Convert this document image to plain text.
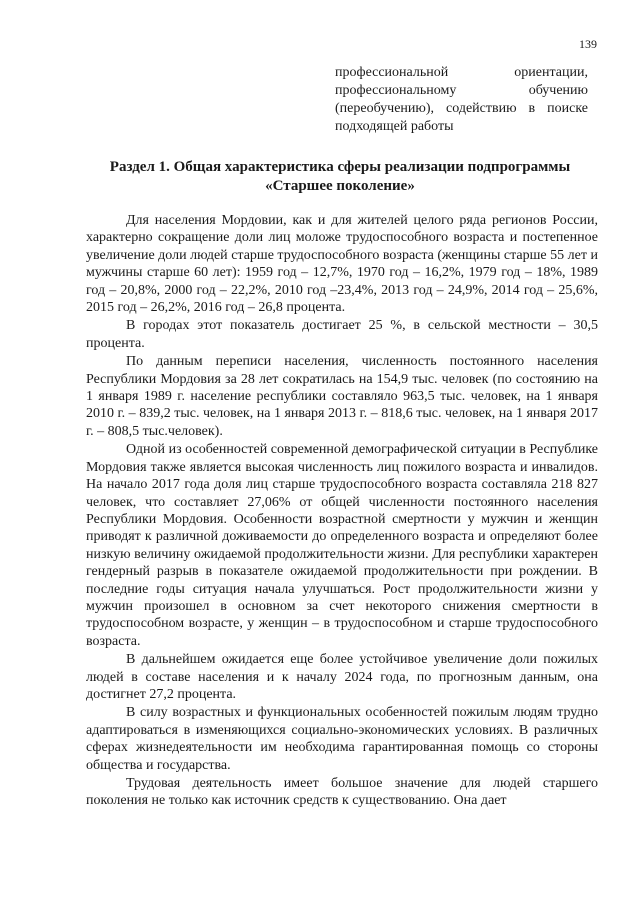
139
профессиональной ориентации, профессиональному обучению (переобучению), содействию в поиске подходящей работы
Раздел 1. Общая характеристика сферы реализации подпрограммы «Старшее поколение»

Для населения Мордовии, как и для жителей целого ряда регионов России, характерно сокращение доли лиц моложе трудоспособного возраста и постепенное увеличение доли людей старше трудоспособного возраста (женщины старше 55 лет и мужчины старше 60 лет): 1959 год – 12,7%, 1970 год – 16,2%, 1979 год – 18%, 1989 год – 20,8%, 2000 год – 22,2%, 2010 год –23,4%, 2013 год – 24,9%, 2014 год – 25,6%, 2015 год – 26,2%, 2016 год – 26,8 процента.

В городах этот показатель достигает 25 %, в сельской местности – 30,5 процента.

По данным переписи населения, численность постоянного населения Республики Мордовия за 28 лет сократилась на 154,9 тыс. человек (по состоянию на 1 января 1989 г. население республики составляло 963,5 тыс. человек, на 1 января 2010 г. – 839,2 тыс. человек, на 1 января 2013 г. – 818,6 тыс. человек, на 1 января 2017 г. – 808,5 тыс.человек).

Одной из особенностей современной демографической ситуации в Республике Мордовия также является высокая численность лиц пожилого возраста и инвалидов. На начало 2017 года доля лиц старше трудоспособного возраста составляла 218 827 человек, что составляет 27,06% от общей численности постоянного населения Республики Мордовия. Особенности возрастной смертности у мужчин и женщин приводят к различной доживаемости до определенного возраста и определяют более низкую величину ожидаемой продолжительности жизни. Для республики характерен гендерный разрыв в показателе ожидаемой продолжительности при рождении. В последние годы ситуация начала улучшаться. Рост продолжительности жизни у мужчин произошел в основном за счет некоторого снижения смертности в трудоспособном возрасте, у женщин – в трудоспособном и старше трудоспособного возраста.

В дальнейшем ожидается еще более устойчивое увеличение доли пожилых людей в составе населения и к началу 2024 года, по прогнозным данным, она достигнет 27,2 процента.

В силу возрастных и функциональных особенностей пожилым людям трудно адаптироваться в изменяющихся социально-экономических условиях. В различных сферах жизнедеятельности им необходима гарантированная помощь со стороны общества и государства.

Трудовая деятельность имеет большое значение для людей старшего поколения не только как источник средств к существованию. Она дает
